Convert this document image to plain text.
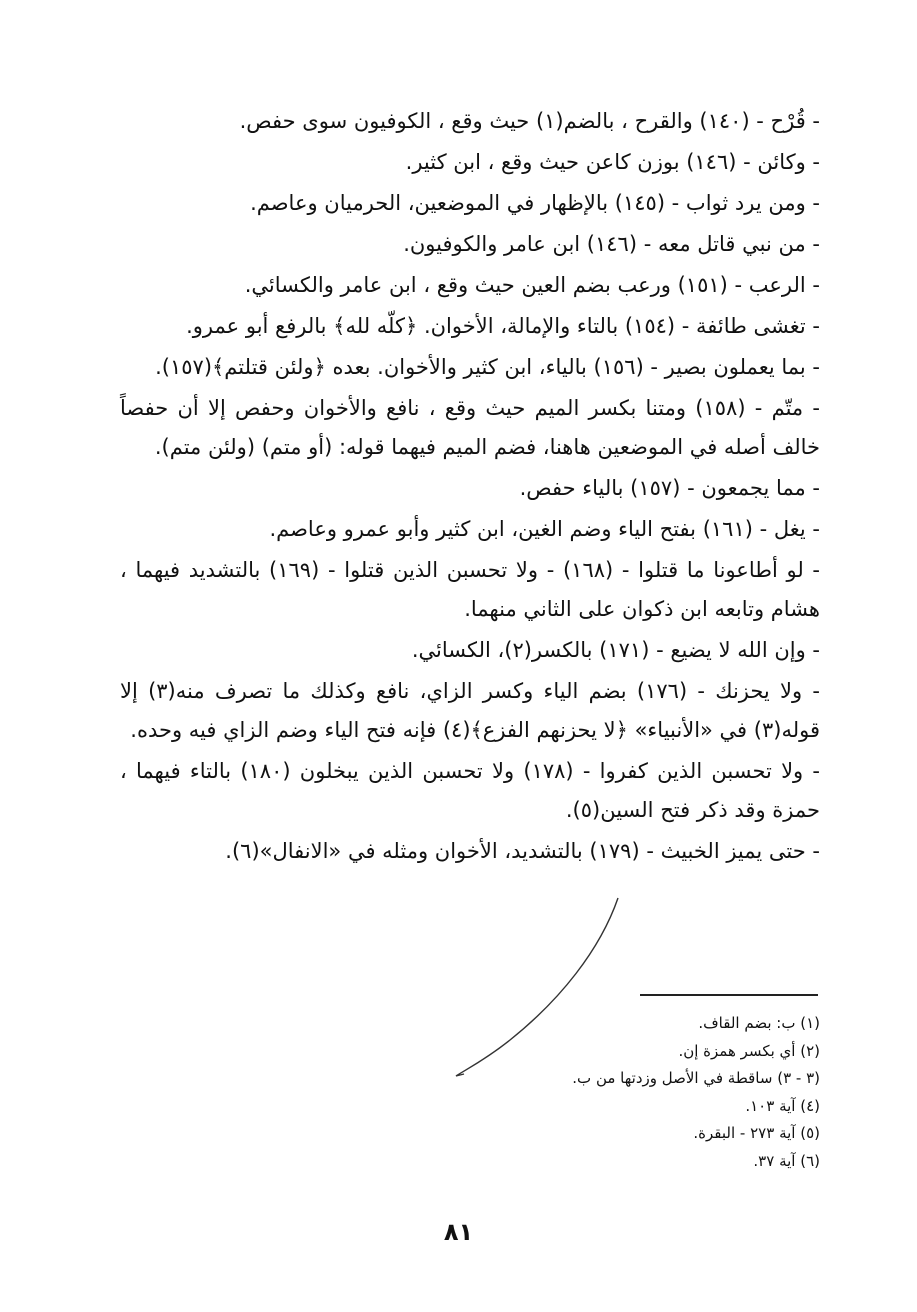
- قُرْح - (١٤٠) والقرح ، بالضم(١) حيث وقع ، الكوفيون سوى حفص.

- وكائن - (١٤٦) بوزن كاعن حيث وقع ، ابن كثير.

- ومن يرد ثواب - (١٤٥) بالإظهار في الموضعين، الحرميان وعاصم.

- من نبي قاتل معه - (١٤٦) ابن عامر والكوفيون.

- الرعب - (١٥١) ورعب بضم العين حيث وقع ، ابن عامر والكسائي.

- تغشى طائفة - (١٥٤) بالتاء والإمالة، الأخوان. ﴿كلّه لله﴾ بالرفع أبو عمرو.

- بما يعملون بصير - (١٥٦) بالياء، ابن كثير والأخوان. بعده ﴿ولئن قتلتم﴾(١٥٧).

- متّم - (١٥٨) ومتنا بكسر الميم حيث وقع ، نافع والأخوان وحفص إلا أن حفصاً خالف أصله في الموضعين هاهنا، فضم الميم فيهما قوله: (أو متم) (ولئن متم).

- مما يجمعون - (١٥٧) بالياء حفص.

- يغل - (١٦١) بفتح الياء وضم الغين، ابن كثير وأبو عمرو وعاصم.

- لو أطاعونا ما قتلوا - (١٦٨) - ولا تحسبن الذين قتلوا - (١٦٩) بالتشديد فيهما ، هشام وتابعه ابن ذكوان على الثاني منهما.

- وإن الله لا يضيع - (١٧١) بالكسر(٢)، الكسائي.

- ولا يحزنك - (١٧٦) بضم الياء وكسر الزاي، نافع وكذلك ما تصرف منه(٣) إلا قوله(٣) في «الأنبياء» ﴿لا يحزنهم الفزع﴾(٤) فإنه فتح الياء وضم الزاي فيه وحده.

- ولا تحسبن الذين كفروا - (١٧٨) ولا تحسبن الذين يبخلون (١٨٠) بالتاء فيهما ، حمزة وقد ذكر فتح السين(٥).

- حتى يميز الخبيث - (١٧٩) بالتشديد، الأخوان ومثله في «الانفال»(٦).

(١) ب: بضم القاف.
(٢) أي بكسر همزة إن.
(٣ - ٣) ساقطة في الأصل وزدتها من ب.
(٤) آية ١٠٣.
(٥) آية ٢٧٣ - البقرة.
(٦) آية ٣٧.
٨١
